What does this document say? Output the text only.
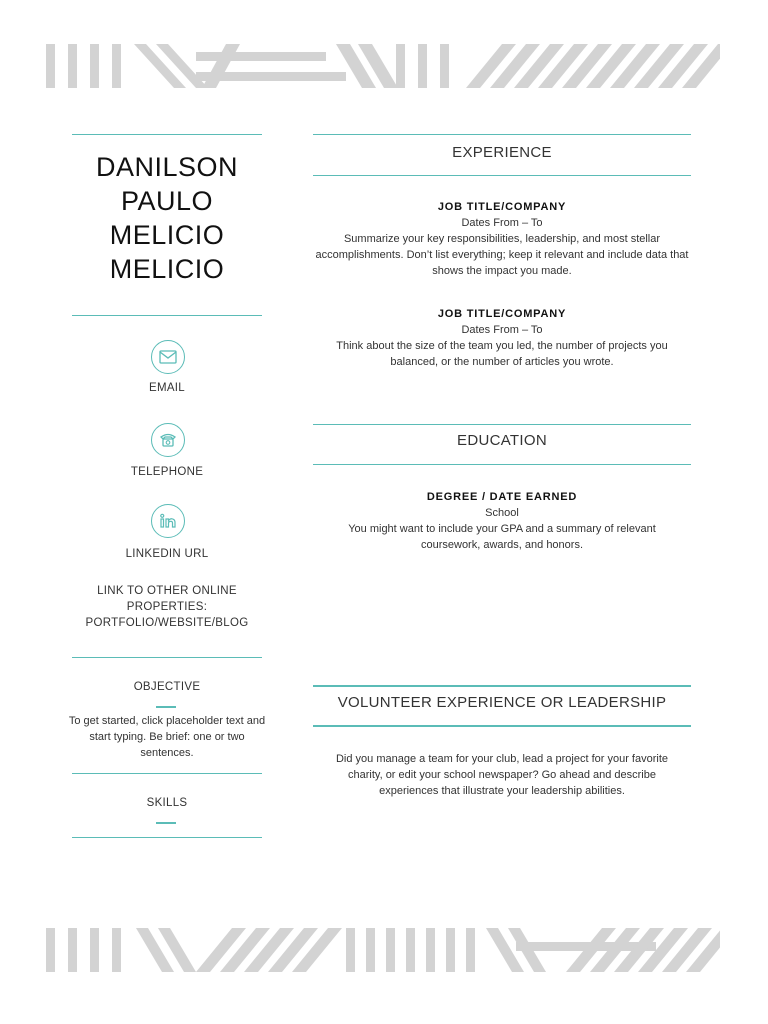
DANILSON
PAULO
MELICIO
MELICIO
EMAIL
TELEPHONE
LINKEDIN URL
LINK TO OTHER ONLINE
PROPERTIES:
PORTFOLIO/WEBSITE/BLOG
OBJECTIVE
To get started, click placeholder text and start typing. Be brief: one or two sentences.
SKILLS
EXPERIENCE
JOB TITLE/COMPANY
Dates From – To
Summarize your key responsibilities, leadership, and most stellar accomplishments. Don’t list everything; keep it relevant and include data that shows the impact you made.
JOB TITLE/COMPANY
Dates From – To
Think about the size of the team you led, the number of projects you balanced, or the number of articles you wrote.
EDUCATION
DEGREE / DATE EARNED
School
You might want to include your GPA and a summary of relevant coursework, awards, and honors.
VOLUNTEER EXPERIENCE OR LEADERSHIP
Did you manage a team for your club, lead a project for your favorite charity, or edit your school newspaper? Go ahead and describe experiences that illustrate your leadership abilities.
